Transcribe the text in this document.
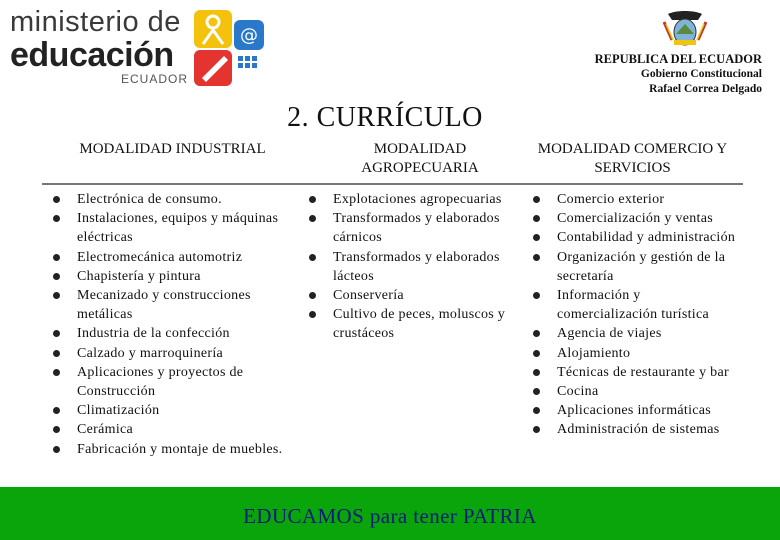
ministerio de
educación
ECUADOR
@
REPUBLICA DEL ECUADOR
Gobierno Constitucional
Rafael Correa Delgado
2. CURRÍCULO
MODALIDAD INDUSTRIAL	MODALIDAD AGROPECUARIA
MODALIDAD COMERCIO Y SERVICIOS
Electrónica de consumo.
Instalaciones, equipos y máquinas eléctricas
Electromecánica automotriz
Chapistería y pintura
Mecanizado y construcciones metálicas
Industria de la confección
Calzado y marroquinería
Aplicaciones y proyectos de Construcción
Climatización
Cerámica
Fabricación y montaje de muebles.
Explotaciones agropecuarias
Transformados y elaborados cárnicos
Transformados y elaborados lácteos
Conservería
Cultivo de peces, moluscos y crustáceos
Comercio exterior
Comercialización y ventas
Contabilidad y administración
Organización y gestión de la secretaría
Información y comercialización turística
Agencia de viajes
Alojamiento
Técnicas de restaurante y bar
Cocina
Aplicaciones informáticas
Administración de sistemas
EDUCAMOS para tener PATRIA
